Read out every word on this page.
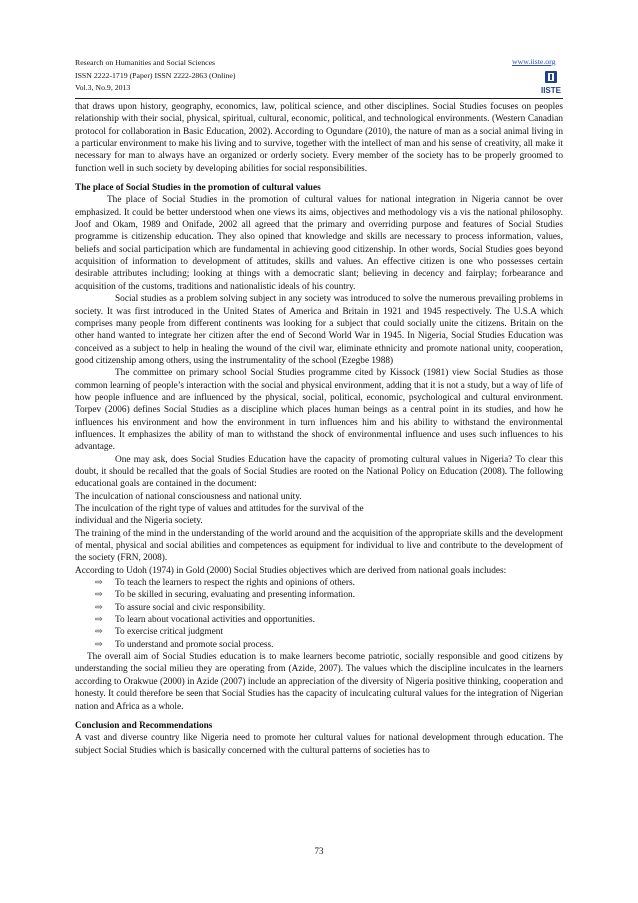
Research on Humanities and Social Sciences
ISSN 2222-1719 (Paper) ISSN 2222-2863 (Online)
Vol.3, No.9, 2013
www.iiste.org
IISTE

that draws upon history, geography, economics, law, political science, and other disciplines. Social Studies focuses on peoples relationship with their social, physical, spiritual, cultural, economic, political, and technological environments. (Western Canadian protocol for collaboration in Basic Education, 2002). According to Ogundare (2010), the nature of man as a social animal living in a particular environment to make his living and to survive, together with the intellect of man and his sense of creativity, all make it necessary for man to always have an organized or orderly society. Every member of the society has to be properly groomed to function well in such society by developing abilities for social responsibilities.

The place of Social Studies in the promotion of cultural values

The place of Social Studies in the promotion of cultural values for national integration in Nigeria cannot be over emphasized. It could be better understood when one views its aims, objectives and methodology vis a vis the national philosophy. Joof and Okam, 1989 and Onifade, 2002 all agreed that the primary and overriding purpose and features of Social Studies programme is citizenship education. They also opined that knowledge and skills are necessary to process information, values, beliefs and social participation which are fundamental in achieving good citizenship. In other words, Social Studies goes beyond acquisition of information to development of attitudes, skills and values. An effective citizen is one who possesses certain desirable attributes including; looking at things with a democratic slant; believing in decency and fairplay; forbearance and acquisition of the customs, traditions and nationalistic ideals of his country.

Social studies as a problem solving subject in any society was introduced to solve the numerous prevailing problems in society. It was first introduced in the United States of America and Britain in 1921 and 1945 respectively. The U.S.A which comprises many people from different continents was looking for a subject that could socially unite the citizens. Britain on the other hand wanted to integrate her citizen after the end of Second World War in 1945. In Nigeria, Social Studies Education was conceived as a subject to help in healing the wound of the civil war, eliminate ethnicity and promote national unity, cooperation, good citizenship among others, using the instrumentality of the school (Ezegbe 1988)

The committee on primary school Social Studies programme cited by Kissock (1981) view Social Studies as those common learning of people’s interaction with the social and physical environment, adding that it is not a study, but a way of life of how people influence and are influenced by the physical, social, political, economic, psychological and cultural environment. Torpev (2006) defines Social Studies as a discipline which places human beings as a central point in its studies, and how he influences his environment and how the environment in turn influences him and his ability to withstand the environmental influences. It emphasizes the ability of man to withstand the shock of environmental influence and uses such influences to his advantage.

One may ask, does Social Studies Education have the capacity of promoting cultural values in Nigeria? To clear this doubt, it should be recalled that the goals of Social Studies are rooted on the National Policy on Education (2008). The following educational goals are contained in the document:

The inculcation of national consciousness and national unity.

The inculcation of the right type of values and attitudes for the survival of the

individual and the Nigeria society.

The training of the mind in the understanding of the world around and the acquisition of the appropriate skills and the development of mental, physical and social abilities and competences as equipment for individual to live and contribute to the development of the society (FRN, 2008).

According to Udoh (1974) in Gold (2000) Social Studies objectives which are derived from national goals includes:

⇨ To teach the learners to respect the rights and opinions of others.
⇨ To be skilled in securing, evaluating and presenting information.
⇨ To assure social and civic responsibility.
⇨ To learn about vocational activities and opportunities.
⇨ To exercise critical judgment
⇨ To understand and promote social process.

The overall aim of Social Studies education is to make learners become patriotic, socially responsible and good citizens by understanding the social milieu they are operating from (Azide, 2007). The values which the discipline inculcates in the learners according to Orakwue (2000) in Azide (2007) include an appreciation of the diversity of Nigeria positive thinking, cooperation and honesty. It could therefore be seen that Social Studies has the capacity of inculcating cultural values for the integration of Nigerian nation and Africa as a whole.

Conclusion and Recommendations

A vast and diverse country like Nigeria need to promote her cultural values for national development through education. The subject Social Studies which is basically concerned with the cultural patterns of societies has to

73
